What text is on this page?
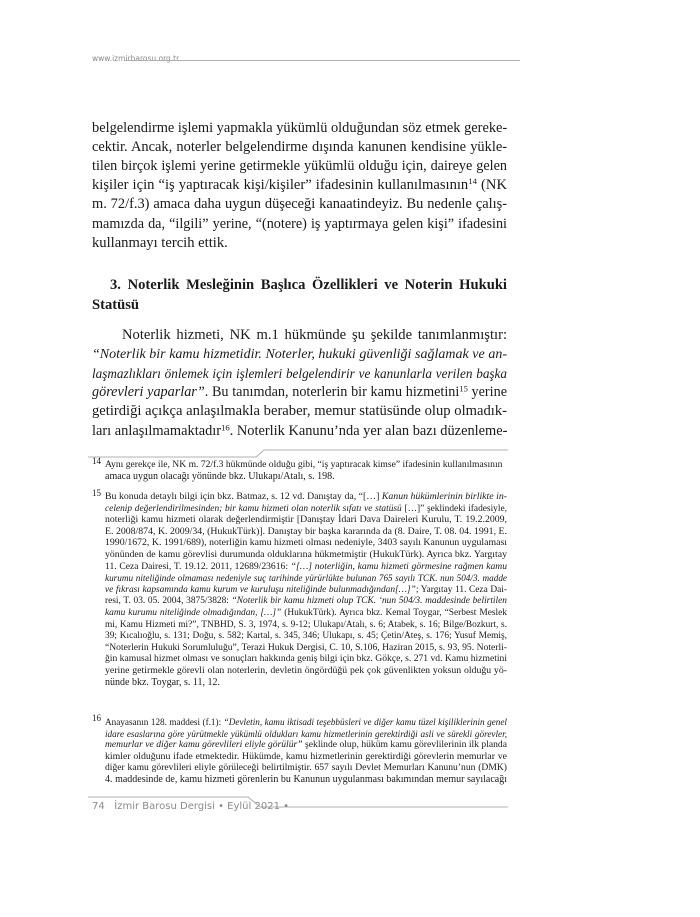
www.izmirbarosu.org.tr
belgelendirme işlemi yapmakla yükümlü olduğundan söz etmek gereke-
cektir. Ancak, noterler belgelendirme dışında kanunen kendisine yükle-
tilen birçok işlemi yerine getirmekle yükümlü olduğu için, daireye gelen
kişiler için “iş yaptıracak kişi/kişiler” ifadesinin kullanılmasının$^{14}$ (NK
m. 72/f.3) amaca daha uygun düşeceği kanaatindeyiz. Bu nedenle çalış-
mamızda da, “ilgili” yerine, “(notere) iş yaptırmaya gelen kişi” ifadesini
kullanmayı tercih ettik.
3. Noterlik Mesleğinin Başlıca Özellikleri ve Noterin Hukuki
Statüsü
Noterlik hizmeti, NK m.1 hükmünde şu şekilde tanımlanmıştır:
“Noterlik bir kamu hizmetidir. Noterler, hukuki güvenliği sağlamak ve an-
laşmazlıkları önlemek için işlemleri belgelendirir ve kanunlarla verilen başka
görevleri yaparlar”. Bu tanımdan, noterlerin bir kamu hizmetini$^{15}$ yerine
getirdiği açıkça anlaşılmakla beraber, memur statüsünde olup olmadık-
ları anlaşılmamaktadır$^{16}$. Noterlik Kanunu’nda yer alan bazı düzenleme-
14 Aynı gerekçe ile, NK m. 72/f.3 hükmünde olduğu gibi, “iş yaptıracak kimse” ifadesinin kullanılmasının
amaca uygun olacağı yönünde bkz. Ulukapı/Atalı, s. 198.
15 Bu konuda detaylı bilgi için bkz. Batmaz, s. 12 vd. Danıştay da, “[…] Kanun hükümlerinin birlikte in-
celenip değerlendirilmesinden; bir kamu hizmeti olan noterlik sıfatı ve statüsü […]” şeklindeki ifadesiyle,
noterliği kamu hizmeti olarak değerlendirmiştir [Danıştay İdari Dava Daireleri Kurulu, T. 19.2.2009,
E. 2008/874, K. 2009/34, (HukukTürk)]. Danıştay bir başka kararında da (8. Daire, T. 08. 04. 1991, E.
1990/1672, K. 1991/689), noterliğin kamu hizmeti olması nedeniyle, 3403 sayılı Kanunun uygulaması
yönünden de kamu görevlisi durumunda olduklarına hükmetmiştir (HukukTürk). Ayrıca bkz. Yargıtay
11. Ceza Dairesi, T. 19.12. 2011, 12689/23616: “[…] noterliğin, kamu hizmeti görmesine rağmen kamu
kurumu niteliğinde olmaması nedeniyle suç tarihinde yürürlükte bulunan 765 sayılı TCK. nun 504/3. madde
ve fıkrası kapsamında kamu kurum ve kuruluşu niteliğinde bulunmadığından[…]”; Yargıtay 11. Ceza Dai-
resi, T. 03. 05. 2004, 3875/3828: “Noterlik bir kamu hizmeti olup TCK. ‘nun 504/3. maddesinde belirtilen
kamu kurumu niteliğinde olmadığından, […]” (HukukTürk). Ayrıca bkz. Kemal Toygar, “Serbest Meslek
mi, Kamu Hizmeti mi?”, TNBHD, S. 3, 1974, s. 9-12; Ulukapı/Atalı, s. 6; Atabek, s. 16; Bilge/Bozkurt, s.
39; Kıcalıoğlu, s. 131; Doğu, s. 582; Kartal, s. 345, 346; Ulukapı, s. 45; Çetin/Ateş, s. 176; Yusuf Memiş,
“Noterlerin Hukuki Sorumluluğu”, Terazi Hukuk Dergisi, C. 10, S.106, Haziran 2015, s. 93, 95. Noterli-
ğin kamusal hizmet olması ve sonuçları hakkında geniş bilgi için bkz. Gökçe, s. 271 vd. Kamu hizmetini
yerine getirmekle görevli olan noterlerin, devletin öngördüğü pek çok güvenlikten yoksun olduğu yö-
nünde bkz. Toygar, s. 11, 12.
16 Anayasanın 128. maddesi (f.1): “Devletin, kamu iktisadi teşebbüsleri ve diğer kamu tüzel kişiliklerinin genel
idare esaslarına göre yürütmekle yükümlü oldukları kamu hizmetlerinin gerektirdiği asli ve sürekli görevler,
memurlar ve diğer kamu görevlileri eliyle görülür” şeklinde olup, hüküm kamu görevlilerinin ilk planda
kimler olduğunu ifade etmektedir. Hükümde, kamu hizmetlerinin gerektirdiği görevlerin memurlar ve
diğer kamu görevlileri eliyle görüleceği belirtilmiştir. 657 sayılı Devlet Memurları Kanunu’nun (DMK)
4. maddesinde de, kamu hizmeti görenlerin bu Kanunun uygulanması bakımından memur sayılacağı
74 İzmir Barosu Dergisi • Eylül 2021 •
